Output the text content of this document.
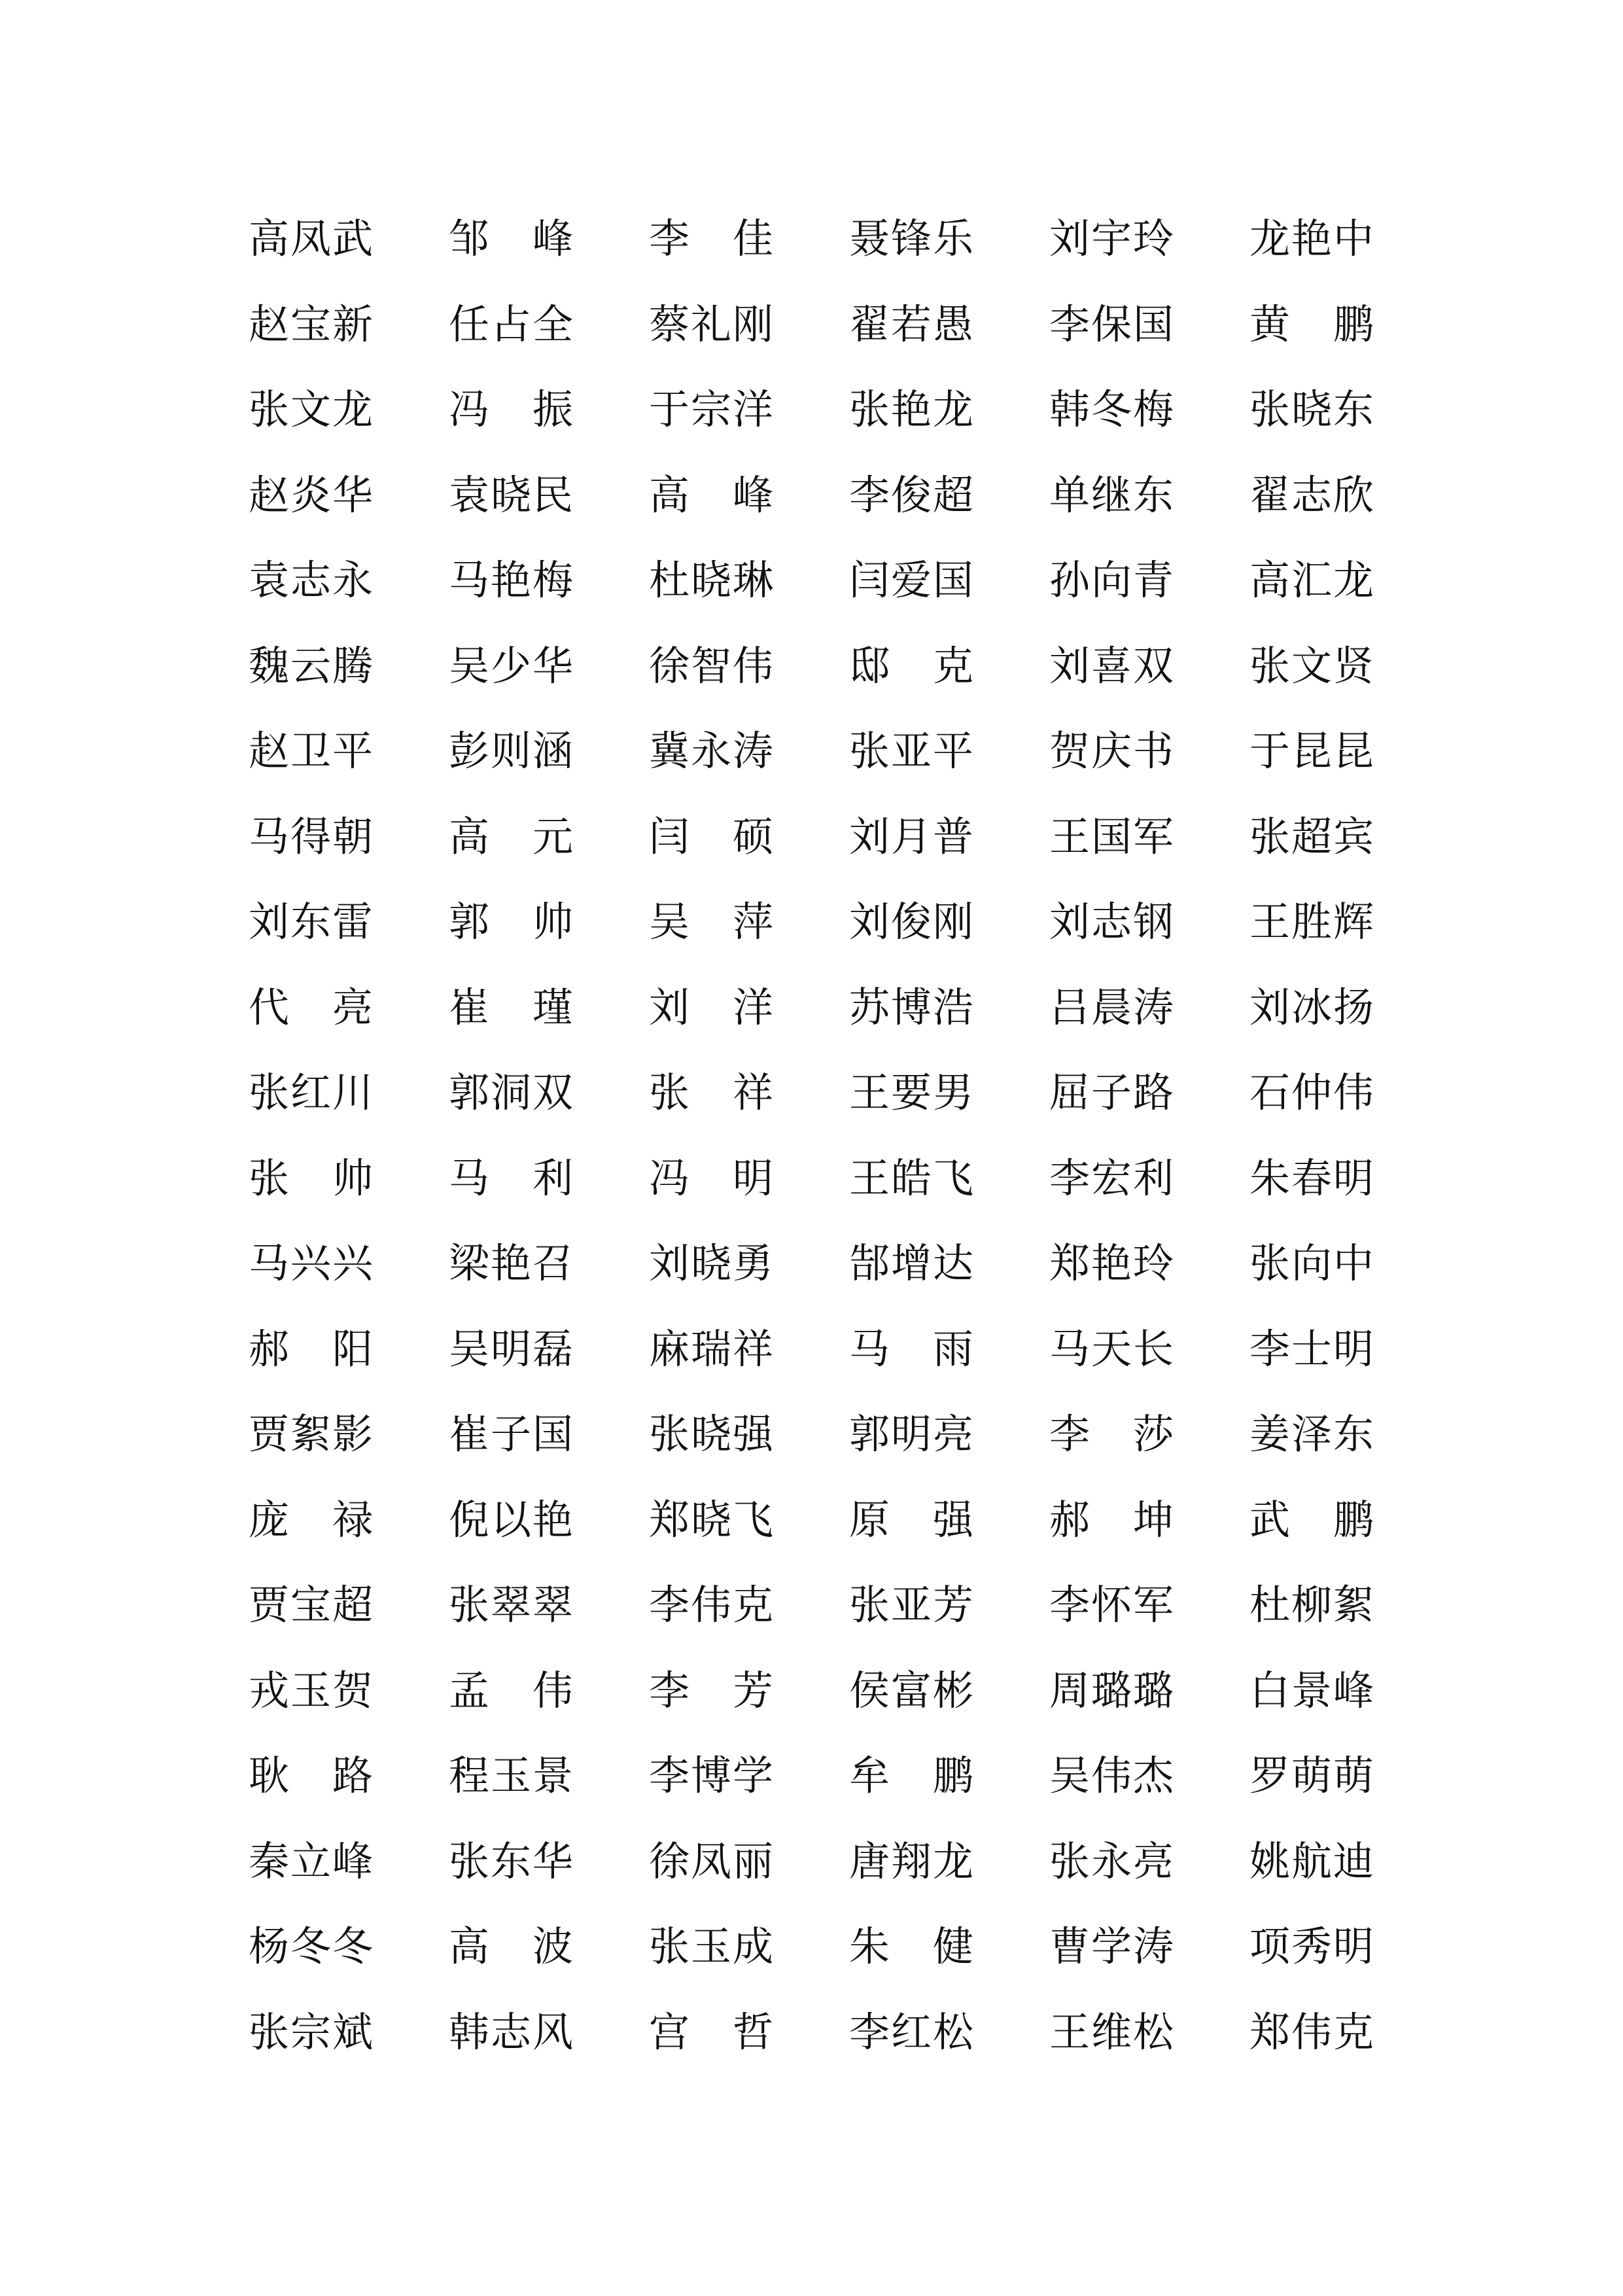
高 凤 武 邹 峰 李 佳 聂 锋 乐 刘 宇 玲 龙 艳 中
赵 宝 新 任 占 全 蔡 礼 刚 翟 若 愚 李 保 国 黄 鹏
张 文 龙 冯 振 于 宗 洋 张 艳 龙 韩 冬 梅 张 晓 东
赵 炎 华 袁 晓 民 高 峰 李 俊 超 单 继 东 翟 志 欣
袁 志 永 马 艳 梅 杜 晓 琳 闫 爱 国 孙 向 青 高 汇 龙
魏 云 腾 吴 少 华 徐 智 伟 邸 克 刘 喜 双 张 文 贤
赵 卫 平 彭 则 涵 冀 永 涛 张 亚 平 贺 庆 书 于 昆 昆
马 得 朝 高 元 闫 硕 刘 月 普 王 国 军 张 超 宾
刘 东 雷 郭 帅 吴 萍 刘 俊 刚 刘 志 钢 王 胜 辉
代 亮 崔 瑾 刘 洋 苏 博 浩 吕 晨 涛 刘 冰 扬
张 红 川 郭 洞 双 张 祥 王 要 男 屈 子 路 石 仲 伟
张 帅 马 利 冯 明 王 皓 飞 李 宏 利 朱 春 明
马 兴 兴 梁 艳 召 刘 晓 勇 郜 增 达 郑 艳 玲 张 向 中
郝 阳 吴 明 磊 麻 瑞 祥 马 雨 马 天 长 李 士 明
贾 絮 影 崔 子 国 张 晓 强 郭 明 亮 李 莎 姜 泽 东
庞 禄 倪 以 艳 郑 晓 飞 原 强 郝 坤 武 鹏
贾 宝 超 张 翠 翠 李 伟 克 张 亚 芳 李 怀 军 杜 柳 絮
戎 玉 贺 孟 伟 李 芳 侯 富 彬 周 璐 璐 白 景 峰
耿 路 程 玉 景 李 博 学 牟 鹏 吴 伟 杰 罗 萌 萌
秦 立 峰 张 东 华 徐 凤 丽 唐 翔 龙 张 永 亮 姚 航 迪
杨 冬 冬 高 波 张 玉 成 朱 健 曹 学 涛 项 秀 明
张 宗 斌 韩 志 风 宫 哲 李 红 松 王 维 松 郑 伟 克
